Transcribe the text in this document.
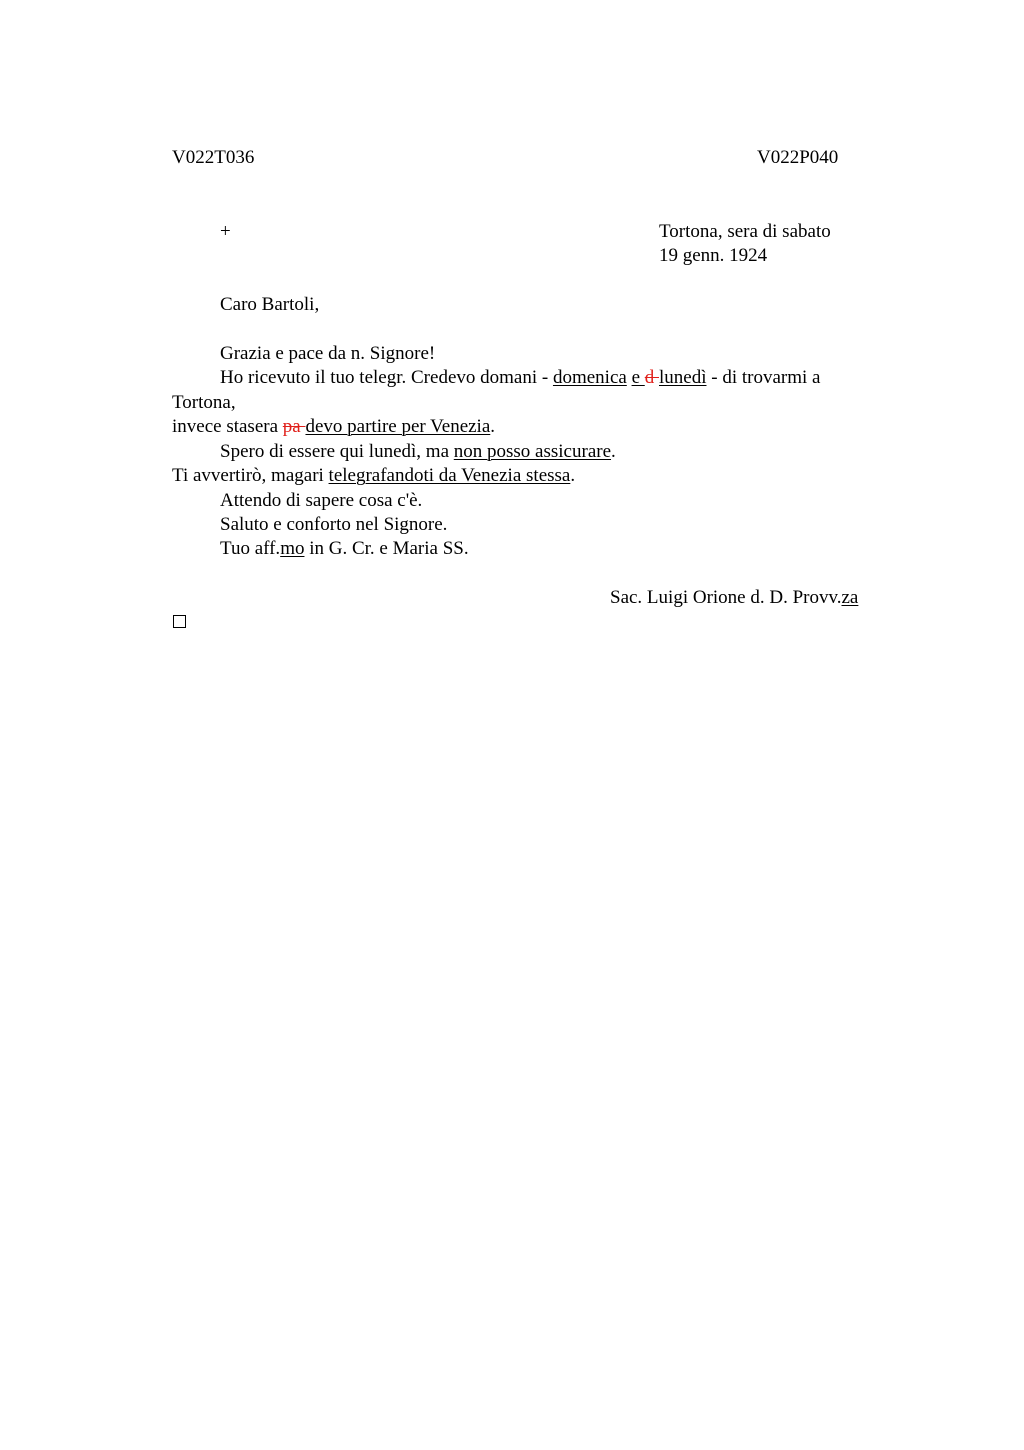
V022T036	V022P040
+	Tortona, sera di sabato
19 genn. 1924
Caro Bartoli,
Grazia e pace da n. Signore!
Ho ricevuto il tuo telegr. Credevo domani - domenica e d lunedì - di trovarmi a
Tortona,
invece stasera pa devo partire per Venezia.
Spero di essere qui lunedì, ma non posso assicurare.
Ti avvertirò, magari telegrafandoti da Venezia stessa.
Attendo di sapere cosa c'è.
Saluto e conforto nel Signore.
Tuo aff.mo in G. Cr. e Maria SS.
Sac. Luigi Orione d. D. Provv.za
